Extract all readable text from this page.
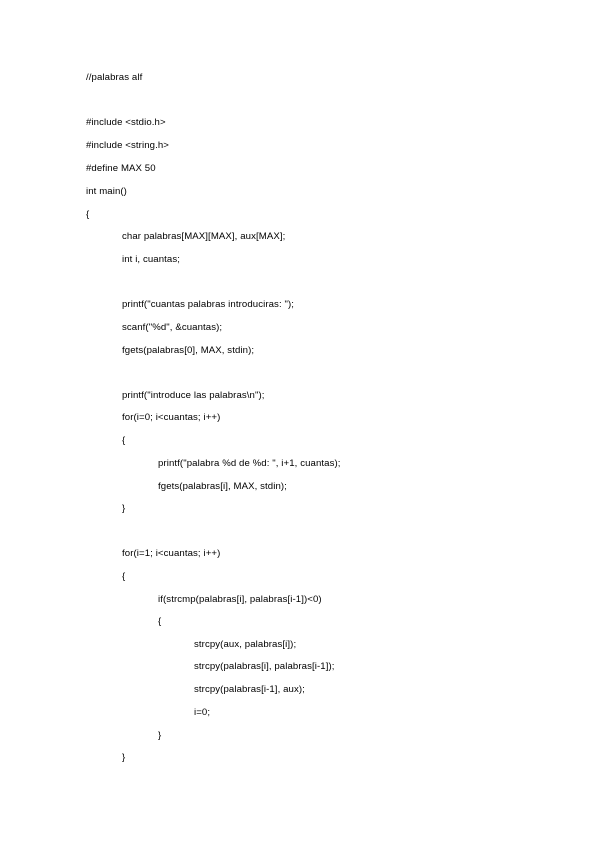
//palabras alf
#include <stdio.h>
#include <string.h>
#define MAX 50
int main()
{
char palabras[MAX][MAX], aux[MAX];
int i, cuantas;
printf("cuantas palabras introduciras: ");
scanf("%d", &cuantas);
fgets(palabras[0], MAX, stdin);
printf("introduce las palabras\n");
for(i=0; i<cuantas; i++)
{
printf("palabra %d de %d: ", i+1, cuantas);
fgets(palabras[i], MAX, stdin);
}
for(i=1; i<cuantas; i++)
{
if(strcmp(palabras[i], palabras[i-1])<0)
{
strcpy(aux, palabras[i]);
strcpy(palabras[i], palabras[i-1]);
strcpy(palabras[i-1], aux);
i=0;
}
}
